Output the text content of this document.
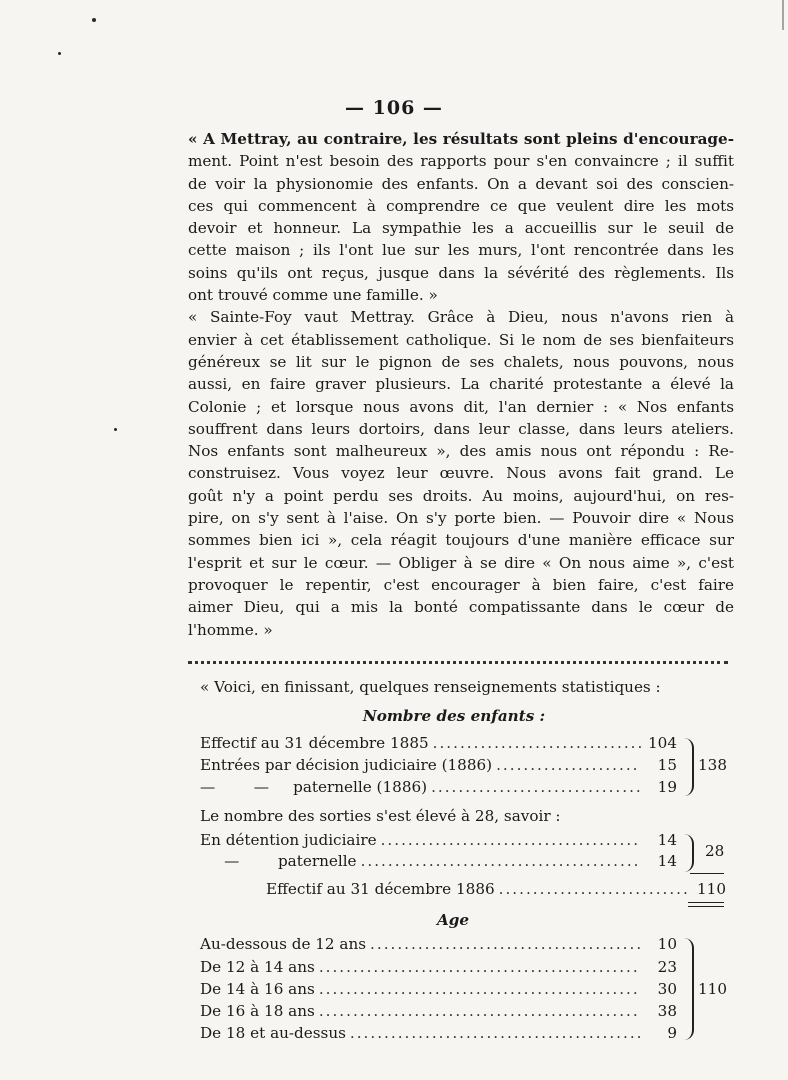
— 106 —
« A Mettray, au contraire, les résultats sont pleins d'encourage-
ment. Point n'est besoin des rapports pour s'en convaincre ; il suffit
de voir la physionomie des enfants. On a devant soi des conscien-
ces qui commencent à comprendre ce que veulent dire les mots
devoir et honneur. La sympathie les a accueillis sur le seuil de
cette maison ; ils l'ont lue sur les murs, l'ont rencontrée dans les
soins qu'ils ont reçus, jusque dans la sévérité des règlements. Ils
ont trouvé comme une famille. »
« Sainte-Foy vaut Mettray. Grâce à Dieu, nous n'avons rien à
envier à cet établissement catholique. Si le nom de ses bienfaiteurs
généreux se lit sur le pignon de ses chalets, nous pouvons, nous
aussi, en faire graver plusieurs. La charité protestante a élevé la
Colonie ; et lorsque nous avons dit, l'an dernier : « Nos enfants
souffrent dans leurs dortoirs, dans leur classe, dans leurs ateliers.
Nos enfants sont malheureux », des amis nous ont répondu : Re-
construisez. Vous voyez leur œuvre. Nous avons fait grand. Le
goût n'y a point perdu ses droits. Au moins, aujourd'hui, on res-
pire, on s'y sent à l'aise. On s'y porte bien. — Pouvoir dire « Nous
sommes bien ici », cela réagit toujours d'une manière efficace sur
l'esprit et sur le cœur. — Obliger à se dire « On nous aime », c'est
provoquer le repentir, c'est encourager à bien faire, c'est faire
aimer Dieu, qui a mis la bonté compatissante dans le cœur de
l'homme. »
« Voici, en finissant, quelques renseignements statistiques :
Nombre des enfants :
Effectif au 31 décembre 1885 .....	104
Entrées par décision judiciaire (1886) .....	15
—        —     paternelle (1886) .....	19
138
Le nombre des sorties s'est élevé à 28, savoir :
En détention judiciaire .....	14
—        paternelle .....	14
28
Effectif au 31 décembre 1886 .....	110
Age
Au-dessous de 12 ans .....	10
De 12 à 14 ans .....	23
De 14 à 16 ans .....	30
De 16 à 18 ans .....	38
De 18 et au-dessus .....	9
110
